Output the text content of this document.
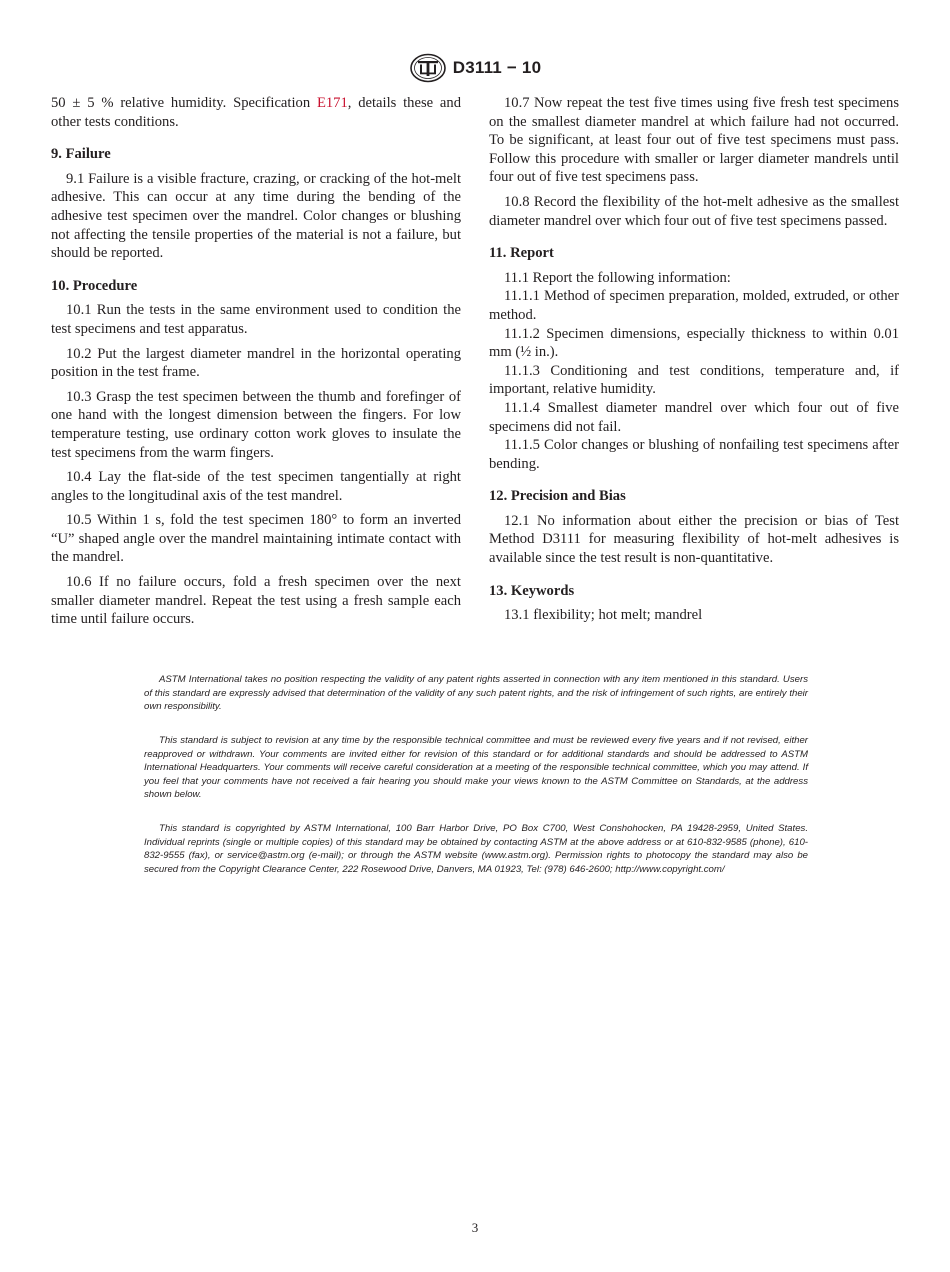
D3111 − 10

50 ± 5 % relative humidity. Specification E171, details these and other tests conditions.

9. Failure

9.1 Failure is a visible fracture, crazing, or cracking of the hot-melt adhesive. This can occur at any time during the bending of the adhesive test specimen over the mandrel. Color changes or blushing not affecting the tensile properties of the material is not a failure, but should be reported.

10. Procedure

10.1 Run the tests in the same environment used to condition the test specimens and test apparatus.

10.2 Put the largest diameter mandrel in the horizontal operating position in the test frame.

10.3 Grasp the test specimen between the thumb and forefinger of one hand with the longest dimension between the fingers. For low temperature testing, use ordinary cotton work gloves to insulate the test specimens from the warm fingers.

10.4 Lay the flat-side of the test specimen tangentially at right angles to the longitudinal axis of the test mandrel.

10.5 Within 1 s, fold the test specimen 180° to form an inverted “U” shaped angle over the mandrel maintaining intimate contact with the mandrel.

10.6 If no failure occurs, fold a fresh specimen over the next smaller diameter mandrel. Repeat the test using a fresh sample each time until failure occurs.

10.7 Now repeat the test five times using five fresh test specimens on the smallest diameter mandrel at which failure had not occurred. To be significant, at least four out of five test specimens must pass. Follow this procedure with smaller or larger diameter mandrels until four out of five test specimens pass.

10.8 Record the flexibility of the hot-melt adhesive as the smallest diameter mandrel over which four out of five test specimens passed.

11. Report

11.1 Report the following information:

11.1.1 Method of specimen preparation, molded, extruded, or other method.

11.1.2 Specimen dimensions, especially thickness to within 0.01 mm (½ in.).

11.1.3 Conditioning and test conditions, temperature and, if important, relative humidity.

11.1.4 Smallest diameter mandrel over which four out of five specimens did not fail.

11.1.5 Color changes or blushing of nonfailing test specimens after bending.

12. Precision and Bias

12.1 No information about either the precision or bias of Test Method D3111 for measuring flexibility of hot-melt adhesives is available since the test result is non-quantitative.

13. Keywords

13.1 flexibility; hot melt; mandrel

ASTM International takes no position respecting the validity of any patent rights asserted in connection with any item mentioned in this standard. Users of this standard are expressly advised that determination of the validity of any such patent rights, and the risk of infringement of such rights, are entirely their own responsibility.

This standard is subject to revision at any time by the responsible technical committee and must be reviewed every five years and if not revised, either reapproved or withdrawn. Your comments are invited either for revision of this standard or for additional standards and should be addressed to ASTM International Headquarters. Your comments will receive careful consideration at a meeting of the responsible technical committee, which you may attend. If you feel that your comments have not received a fair hearing you should make your views known to the ASTM Committee on Standards, at the address shown below.

This standard is copyrighted by ASTM International, 100 Barr Harbor Drive, PO Box C700, West Conshohocken, PA 19428-2959, United States. Individual reprints (single or multiple copies) of this standard may be obtained by contacting ASTM at the above address or at 610-832-9585 (phone), 610-832-9555 (fax), or service@astm.org (e-mail); or through the ASTM website (www.astm.org). Permission rights to photocopy the standard may also be secured from the Copyright Clearance Center, 222 Rosewood Drive, Danvers, MA 01923, Tel: (978) 646-2600; http://www.copyright.com/

3
